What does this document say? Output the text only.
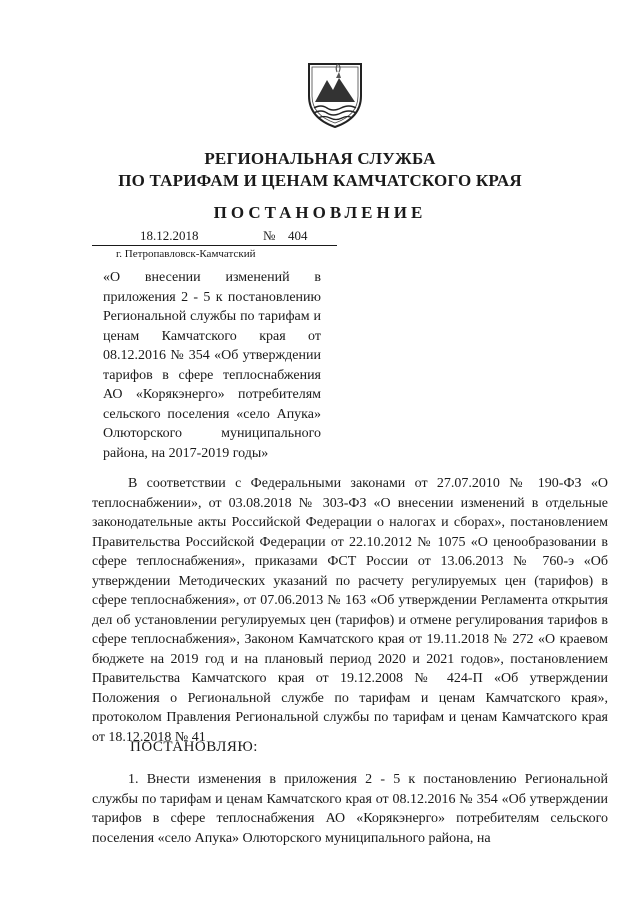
РЕГИОНАЛЬНАЯ СЛУЖБА
ПО ТАРИФАМ И ЦЕНАМ КАМЧАТСКОГО КРАЯ
ПОСТАНОВЛЕНИЕ
18.12.2018	№ 404
г. Петропавловск-Камчатский
«О внесении изменений в приложения 2 - 5 к постановлению Региональной службы по тарифам и ценам Камчатского края от 08.12.2016 № 354 «Об утверждении тарифов в сфере теплоснабжения АО «Корякэнерго» потребителям сельского поселения «село Апука» Олюторского муниципального района, на 2017-2019 годы»
В соответствии с Федеральными законами от 27.07.2010 № 190-ФЗ «О теплоснабжении», от 03.08.2018 № 303-ФЗ «О внесении изменений в отдельные законодательные акты Российской Федерации о налогах и сборах», постановлением Правительства Российской Федерации от 22.10.2012 № 1075 «О ценообразовании в сфере теплоснабжения», приказами ФСТ России от 13.06.2013 № 760-э «Об утверждении Методических указаний по расчету регулируемых цен (тарифов) в сфере теплоснабжения», от 07.06.2013 № 163 «Об утверждении Регламента открытия дел об установлении регулируемых цен (тарифов) и отмене регулирования тарифов в сфере теплоснабжения», Законом Камчатского края от 19.11.2018 № 272 «О краевом бюджете на 2019 год и на плановый период 2020 и 2021 годов», постановлением Правительства Камчатского края от 19.12.2008 № 424-П «Об утверждении Положения о Региональной службе по тарифам и ценам Камчатского края», протоколом Правления Региональной службы по тарифам и ценам Камчатского края от 18.12.2018 № 41
ПОСТАНОВЛЯЮ:
1. Внести изменения в приложения 2 - 5 к постановлению Региональной службы по тарифам и ценам Камчатского края от 08.12.2016 № 354 «Об утверждении тарифов в сфере теплоснабжения АО «Корякэнерго» потребителям сельского поселения «село Апука» Олюторского муниципального района, на
